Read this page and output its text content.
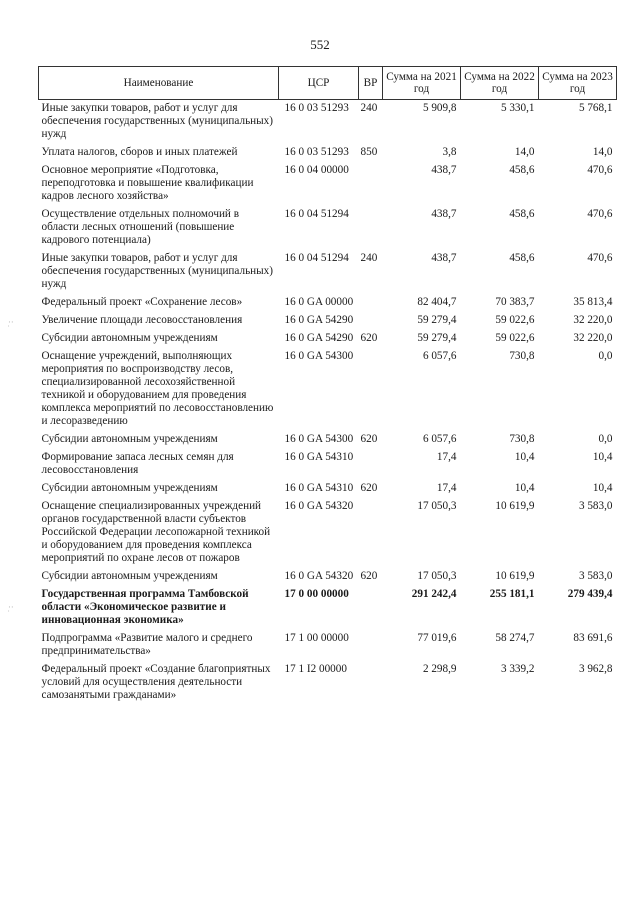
552
Наименование	ЦСР	ВР	Сумма на 2021 год	Сумма на 2022 год	Сумма на 2023 год
Иные закупки товаров, работ и услуг для обеспечения государственных (муниципальных) нужд	16 0 03 51293	240	5 909,8	5 330,1	5 768,1
Уплата налогов, сборов и иных платежей	16 0 03 51293	850	3,8	14,0	14,0
Основное мероприятие «Подготовка, переподготовка и повышение квалификации кадров лесного хозяйства»	16 0 04 00000		438,7	458,6	470,6
Осуществление отдельных полномочий в области лесных отношений (повышение кадрового потенциала)	16 0 04 51294		438,7	458,6	470,6
Иные закупки товаров, работ и услуг для обеспечения государственных (муниципальных) нужд	16 0 04 51294	240	438,7	458,6	470,6
Федеральный проект «Сохранение лесов»	16 0 GA 00000		82 404,7	70 383,7	35 813,4
Увеличение площади лесовосстановления	16 0 GA 54290		59 279,4	59 022,6	32 220,0
Субсидии автономным учреждениям	16 0 GA 54290	620	59 279,4	59 022,6	32 220,0
Оснащение учреждений, выполняющих мероприятия по воспроизводству лесов, специализированной лесохозяйственной техникой и оборудованием для проведения комплекса мероприятий по лесовосстановлению и лесоразведению	16 0 GA 54300		6 057,6	730,8	0,0
Субсидии автономным учреждениям	16 0 GA 54300	620	6 057,6	730,8	0,0
Формирование запаса лесных семян для лесовосстановления	16 0 GA 54310		17,4	10,4	10,4
Субсидии автономным учреждениям	16 0 GA 54310	620	17,4	10,4	10,4
Оснащение специализированных учреждений органов государственной власти субъектов Российской Федерации лесопожарной техникой и оборудованием для проведения комплекса мероприятий по охране лесов от пожаров	16 0 GA 54320		17 050,3	10 619,9	3 583,0
Субсидии автономным учреждениям	16 0 GA 54320	620	17 050,3	10 619,9	3 583,0
Государственная программа Тамбовской области «Экономическое развитие и инновационная экономика»	17 0 00 00000		291 242,4	255 181,1	279 439,4
Подпрограмма «Развитие малого и среднего предпринимательства»	17 1 00 00000		77 019,6	58 274,7	83 691,6
Федеральный проект «Создание благоприятных условий для осуществления деятельности самозанятыми гражданами»	17 1 I2 00000		2 298,9	3 339,2	3 962,8
·̣·
·̣·
